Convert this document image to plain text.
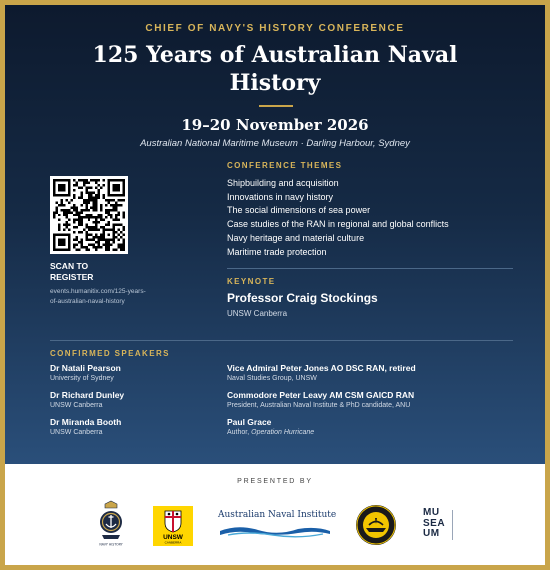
CHIEF OF NAVY'S HISTORY CONFERENCE
125 Years of Australian Naval History
19–20 November 2026
Australian National Maritime Museum · Darling Harbour, Sydney
SCAN TO
REGISTER
events.humanitix.com/125-years-
of-australian-naval-history
CONFERENCE THEMES
Shipbuilding and acquisition
Innovations in navy history
The social dimensions of sea power
Case studies of the RAN in regional and global conflicts
Navy heritage and material culture
Maritime trade protection
KEYNOTE
Professor Craig Stockings
UNSW Canberra
CONFIRMED SPEAKERS
Dr Natali Pearson
University of Sydney
Dr Richard Dunley
UNSW Canberra
Dr Miranda Booth
UNSW Canberra
Vice Admiral Peter Jones AO DSC RAN, retired
Naval Studies Group, UNSW
Commodore Peter Leavy AM CSM GAICD RAN
President, Australian Naval Institute & PhD candidate, ANU
Paul Grace
Author, Operation Hurricane
PRESENTED BY
NAVY HISTORY
UNSW
CANBERRA
Australian Naval Institute	MU
SEA
UM
